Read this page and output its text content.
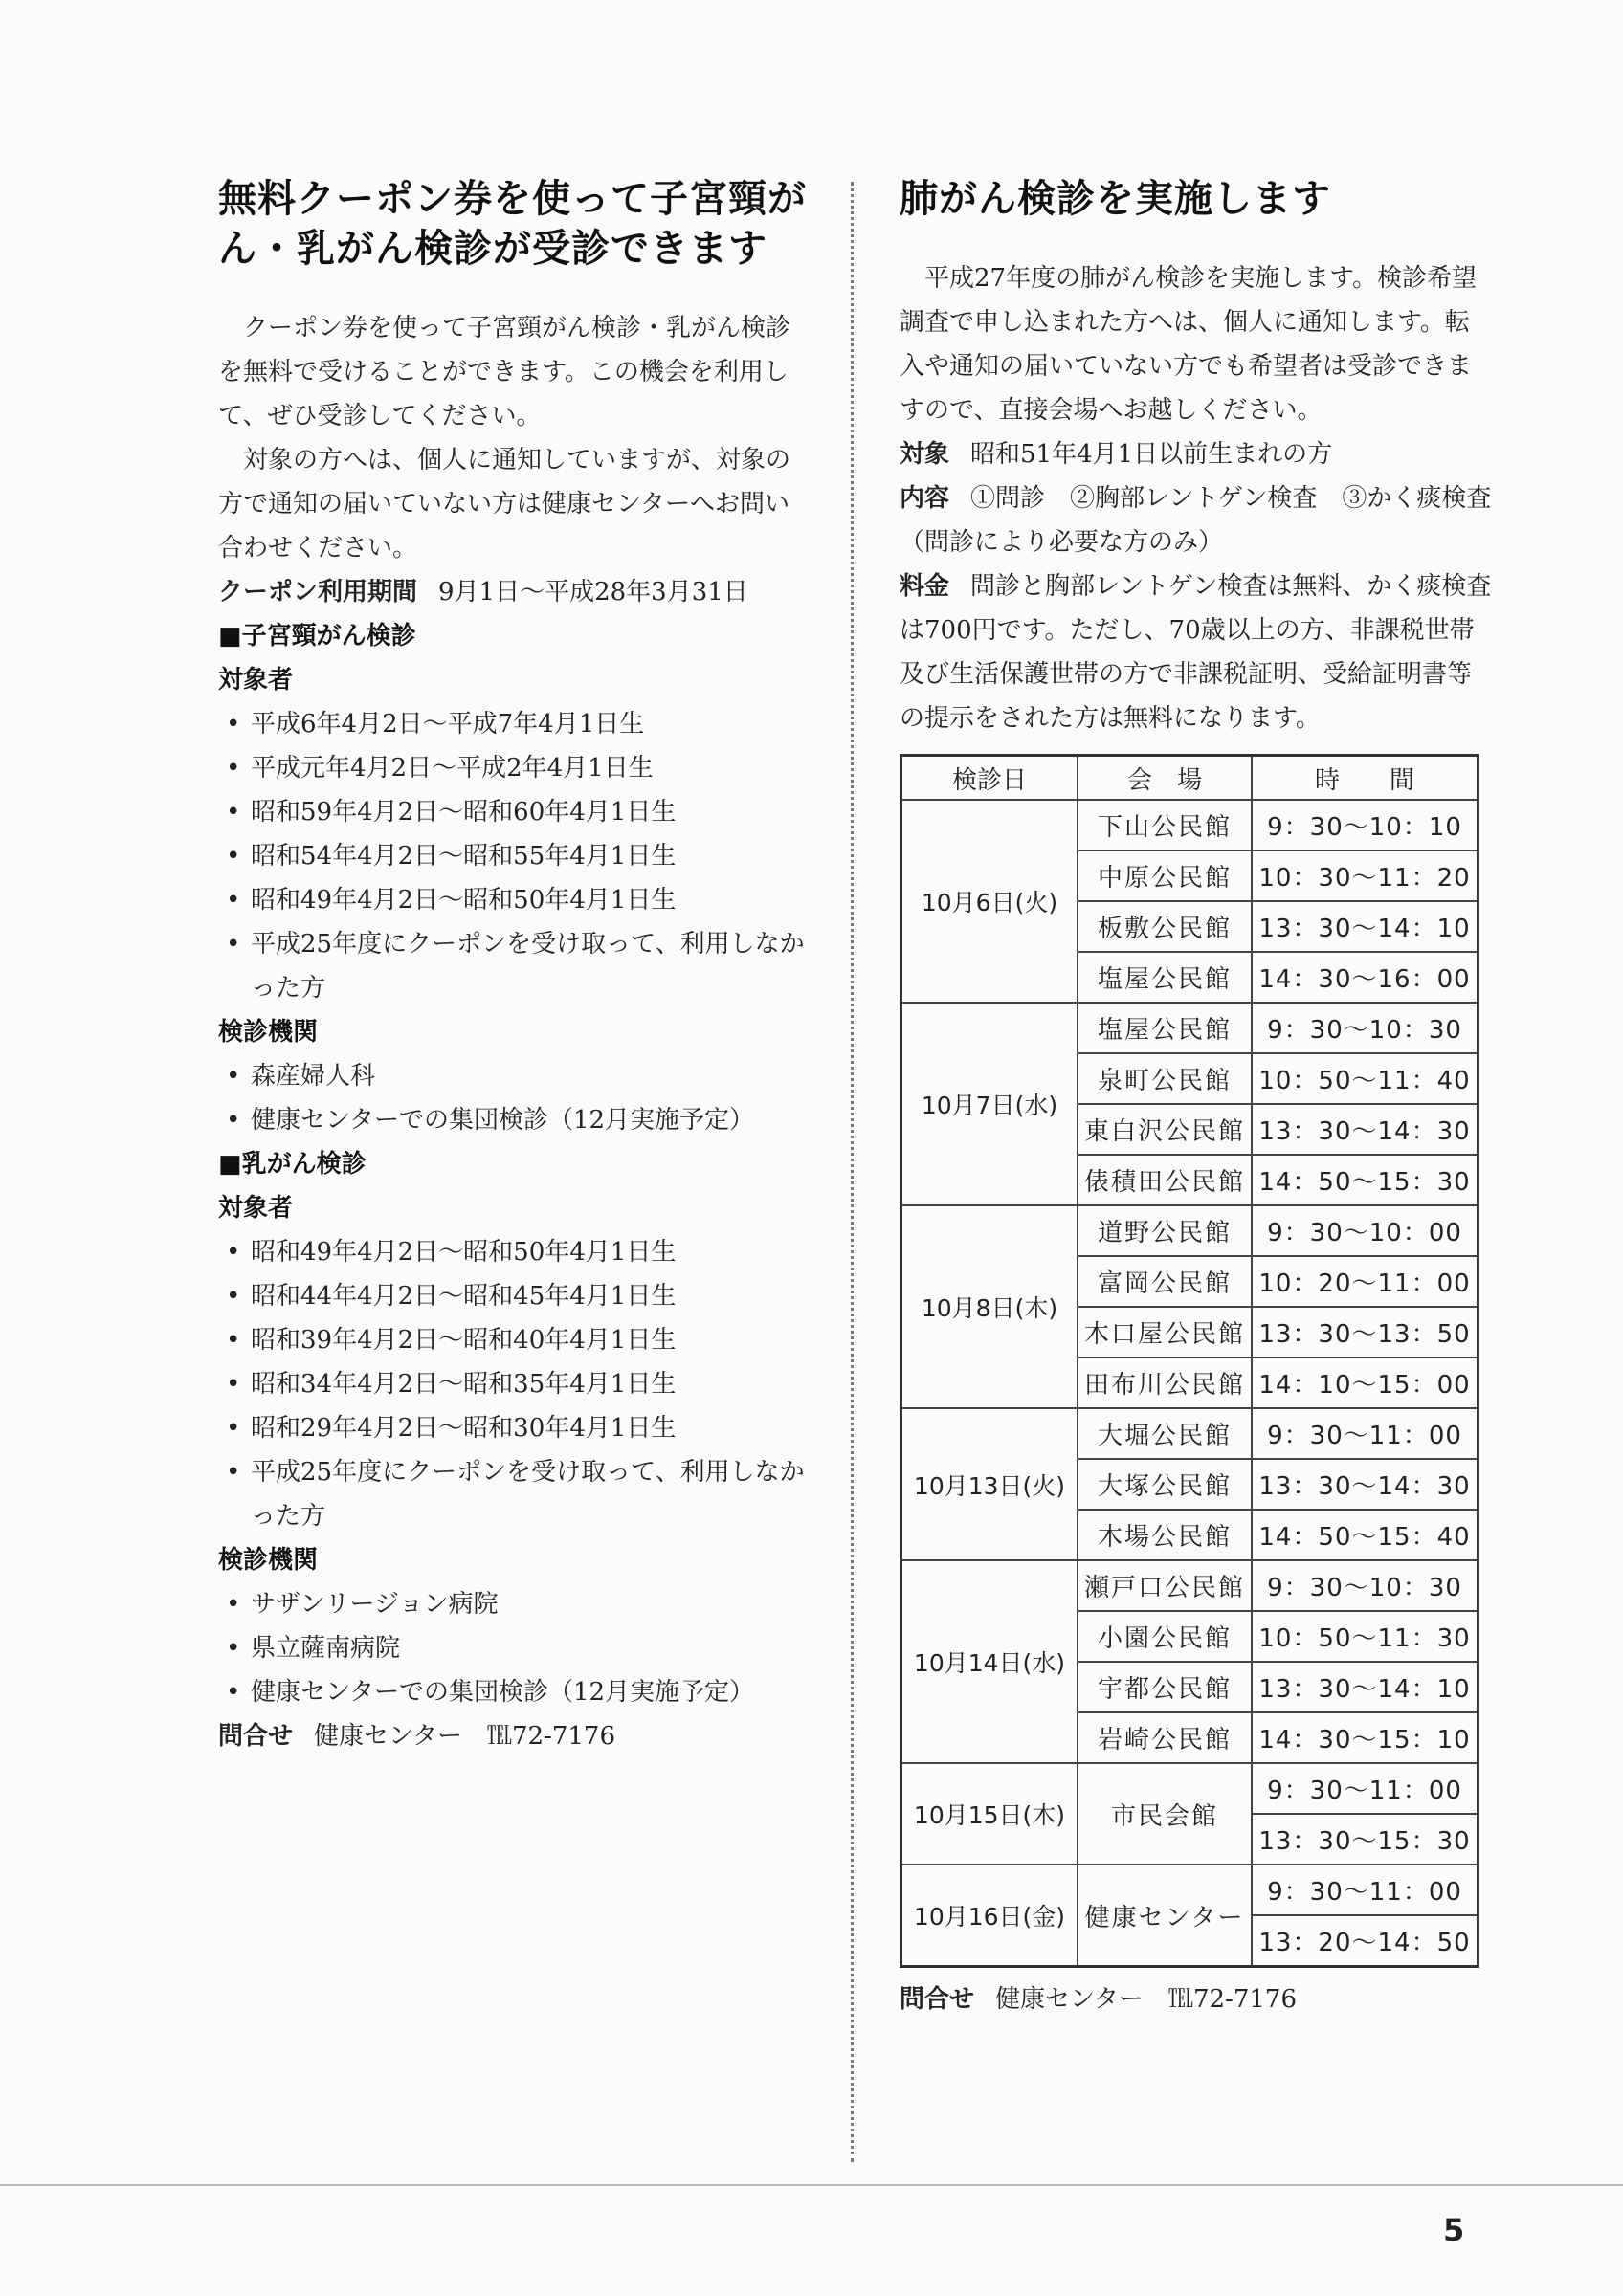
無料クーポン券を使って子宮頸がん・乳がん検診が受診できます

クーポン券を使って子宮頸がん検診・乳がん検診を無料で受けることができます。この機会を利用して、ぜひ受診してください。

対象の方へは、個人に通知していますが、対象の方で通知の届いていない方は健康センターへお問い合わせください。

クーポン利用期間 9月1日～平成28年3月31日

■子宮頸がん検診

対象者

• 平成6年4月2日～平成7年4月1日生

• 平成元年4月2日～平成2年4月1日生

• 昭和59年4月2日～昭和60年4月1日生

• 昭和54年4月2日～昭和55年4月1日生

• 昭和49年4月2日～昭和50年4月1日生

• 平成25年度にクーポンを受け取って、利用しなかった方

検診機関

• 森産婦人科

• 健康センターでの集団検診（12月実施予定）

■乳がん検診

対象者

• 昭和49年4月2日～昭和50年4月1日生

• 昭和44年4月2日～昭和45年4月1日生

• 昭和39年4月2日～昭和40年4月1日生

• 昭和34年4月2日～昭和35年4月1日生

• 昭和29年4月2日～昭和30年4月1日生

• 平成25年度にクーポンを受け取って、利用しなかった方

検診機関

• サザンリージョン病院

• 県立薩南病院

• 健康センターでの集団検診（12月実施予定）

問合せ 健康センター　℡72-7176

肺がん検診を実施します

平成27年度の肺がん検診を実施します。検診希望調査で申し込まれた方へは、個人に通知します。転入や通知の届いていない方でも希望者は受診できますので、直接会場へお越しください。

対象 昭和51年4月1日以前生まれの方

内容 ①問診　②胸部レントゲン検査　③かく痰検査（問診により必要な方のみ）

料金 問診と胸部レントゲン検査は無料、かく痰検査は700円です。ただし、70歳以上の方、非課税世帯及び生活保護世帯の方で非課税証明、受給証明書等の提示をされた方は無料になります。

検診日	会　場	時　　間
10月6日(火)	下山公民館	9：30～10：10
	中原公民館	10：30～11：20
	板敷公民館	13：30～14：10
	塩屋公民館	14：30～16：00
10月7日(水)	塩屋公民館	9：30～10：30
	泉町公民館	10：50～11：40
	東白沢公民館	13：30～14：30
	俵積田公民館	14：50～15：30
10月8日(木)	道野公民館	9：30～10：00
	富岡公民館	10：20～11：00
	木口屋公民館	13：30～13：50
	田布川公民館	14：10～15：00
10月13日(火)	大堀公民館	9：30～11：00
	大塚公民館	13：30～14：30
	木場公民館	14：50～15：40
10月14日(水)	瀬戸口公民館	9：30～10：30
	小園公民館	10：50～11：30
	宇都公民館	13：30～14：10
	岩崎公民館	14：30～15：10
10月15日(木)	市民会館	9：30～11：00
		13：30～15：30
10月16日(金)	健康センター	9：30～11：00
		13：20～14：50

問合せ 健康センター　℡72-7176

5
